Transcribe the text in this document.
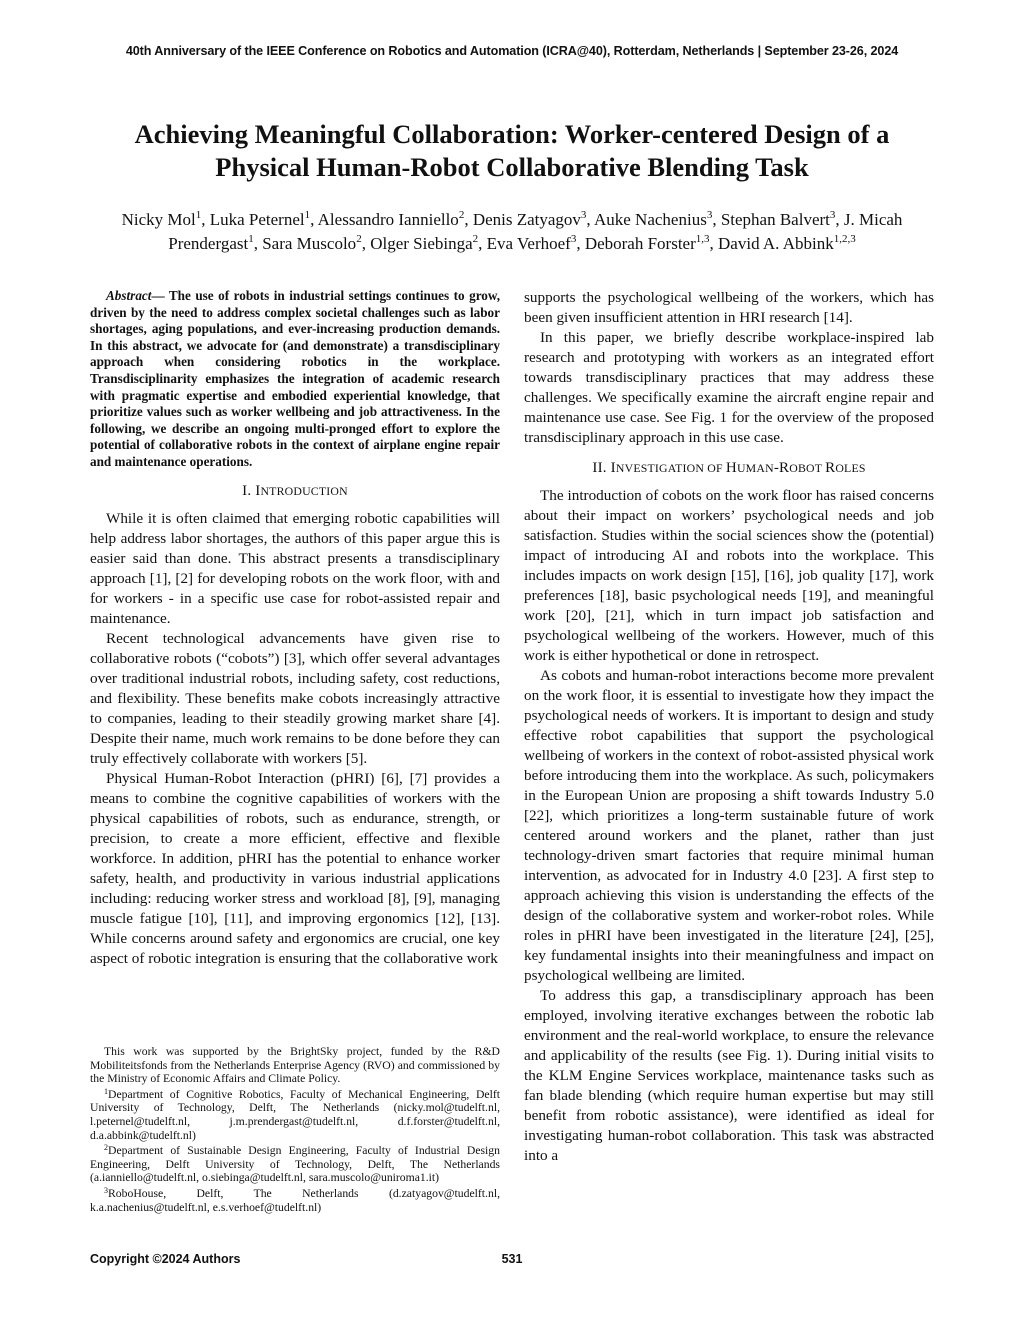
40th Anniversary of the IEEE Conference on Robotics and Automation (ICRA@40), Rotterdam, Netherlands | September 23-26, 2024
Achieving Meaningful Collaboration: Worker-centered Design of a
Physical Human-Robot Collaborative Blending Task
Nicky Mol$^1$, Luka Peternel$^1$, Alessandro Ianniello$^2$, Denis Zatyagov$^3$, Auke Nachenius$^3$, Stephan Balvert$^3$, J. Micah Prendergast$^1$, Sara Muscolo$^2$, Olger Siebinga$^2$, Eva Verhoef$^3$, Deborah Forster$^{1,3}$, David A. Abbink$^{1,2,3}$

Abstract— The use of robots in industrial settings continues to grow, driven by the need to address complex societal challenges such as labor shortages, aging populations, and ever-increasing production demands. In this abstract, we advocate for (and demonstrate) a transdisciplinary approach when considering robotics in the workplace. Transdisciplinarity emphasizes the integration of academic research with pragmatic expertise and embodied experiential knowledge, that prioritize values such as worker wellbeing and job attractiveness. In the following, we describe an ongoing multi-pronged effort to explore the potential of collaborative robots in the context of airplane engine repair and maintenance operations.

I. INTRODUCTION

While it is often claimed that emerging robotic capabilities will help address labor shortages, the authors of this paper argue this is easier said than done. This abstract presents a transdisciplinary approach [1], [2] for developing robots on the work floor, with and for workers - in a specific use case for robot-assisted repair and maintenance.

Recent technological advancements have given rise to collaborative robots (“cobots”) [3], which offer several advantages over traditional industrial robots, including safety, cost reductions, and flexibility. These benefits make cobots increasingly attractive to companies, leading to their steadily growing market share [4]. Despite their name, much work remains to be done before they can truly effectively collaborate with workers [5].

Physical Human-Robot Interaction (pHRI) [6], [7] provides a means to combine the cognitive capabilities of workers with the physical capabilities of robots, such as endurance, strength, or precision, to create a more efficient, effective and flexible workforce. In addition, pHRI has the potential to enhance worker safety, health, and productivity in various industrial applications including: reducing worker stress and workload [8], [9], managing muscle fatigue [10], [11], and improving ergonomics [12], [13]. While concerns around safety and ergonomics are crucial, one key aspect of robotic integration is ensuring that the collaborative work

This work was supported by the BrightSky project, funded by the R&D Mobiliteitsfonds from the Netherlands Enterprise Agency (RVO) and commissioned by the Ministry of Economic Affairs and Climate Policy.

$^1$Department of Cognitive Robotics, Faculty of Mechanical Engineering, Delft University of Technology, Delft, The Netherlands (nicky.mol@tudelft.nl, l.peternel@tudelft.nl, j.m.prendergast@tudelft.nl, d.f.forster@tudelft.nl, d.a.abbink@tudelft.nl)

$^2$Department of Sustainable Design Engineering, Faculty of Industrial Design Engineering, Delft University of Technology, Delft, The Netherlands (a.ianniello@tudelft.nl, o.siebinga@tudelft.nl, sara.muscolo@uniroma1.it)

$^3$RoboHouse, Delft, The Netherlands (d.zatyagov@tudelft.nl, k.a.nachenius@tudelft.nl, e.s.verhoef@tudelft.nl)

supports the psychological wellbeing of the workers, which has been given insufficient attention in HRI research [14].

In this paper, we briefly describe workplace-inspired lab research and prototyping with workers as an integrated effort towards transdisciplinary practices that may address these challenges. We specifically examine the aircraft engine repair and maintenance use case. See Fig. 1 for the overview of the proposed transdisciplinary approach in this use case.

II. INVESTIGATION OF HUMAN-ROBOT ROLES

The introduction of cobots on the work floor has raised concerns about their impact on workers’ psychological needs and job satisfaction. Studies within the social sciences show the (potential) impact of introducing AI and robots into the workplace. This includes impacts on work design [15], [16], job quality [17], work preferences [18], basic psychological needs [19], and meaningful work [20], [21], which in turn impact job satisfaction and psychological wellbeing of the workers. However, much of this work is either hypothetical or done in retrospect.

As cobots and human-robot interactions become more prevalent on the work floor, it is essential to investigate how they impact the psychological needs of workers. It is important to design and study effective robot capabilities that support the psychological wellbeing of workers in the context of robot-assisted physical work before introducing them into the workplace. As such, policymakers in the European Union are proposing a shift towards Industry 5.0 [22], which prioritizes a long-term sustainable future of work centered around workers and the planet, rather than just technology-driven smart factories that require minimal human intervention, as advocated for in Industry 4.0 [23]. A first step to approach achieving this vision is understanding the effects of the design of the collaborative system and worker-robot roles. While roles in pHRI have been investigated in the literature [24], [25], key fundamental insights into their meaningfulness and impact on psychological wellbeing are limited.

To address this gap, a transdisciplinary approach has been employed, involving iterative exchanges between the robotic lab environment and the real-world workplace, to ensure the relevance and applicability of the results (see Fig. 1). During initial visits to the KLM Engine Services workplace, maintenance tasks such as fan blade blending (which require human expertise but may still benefit from robotic assistance), were identified as ideal for investigating human-robot collaboration. This task was abstracted into a

Copyright ©2024 Authors	531
